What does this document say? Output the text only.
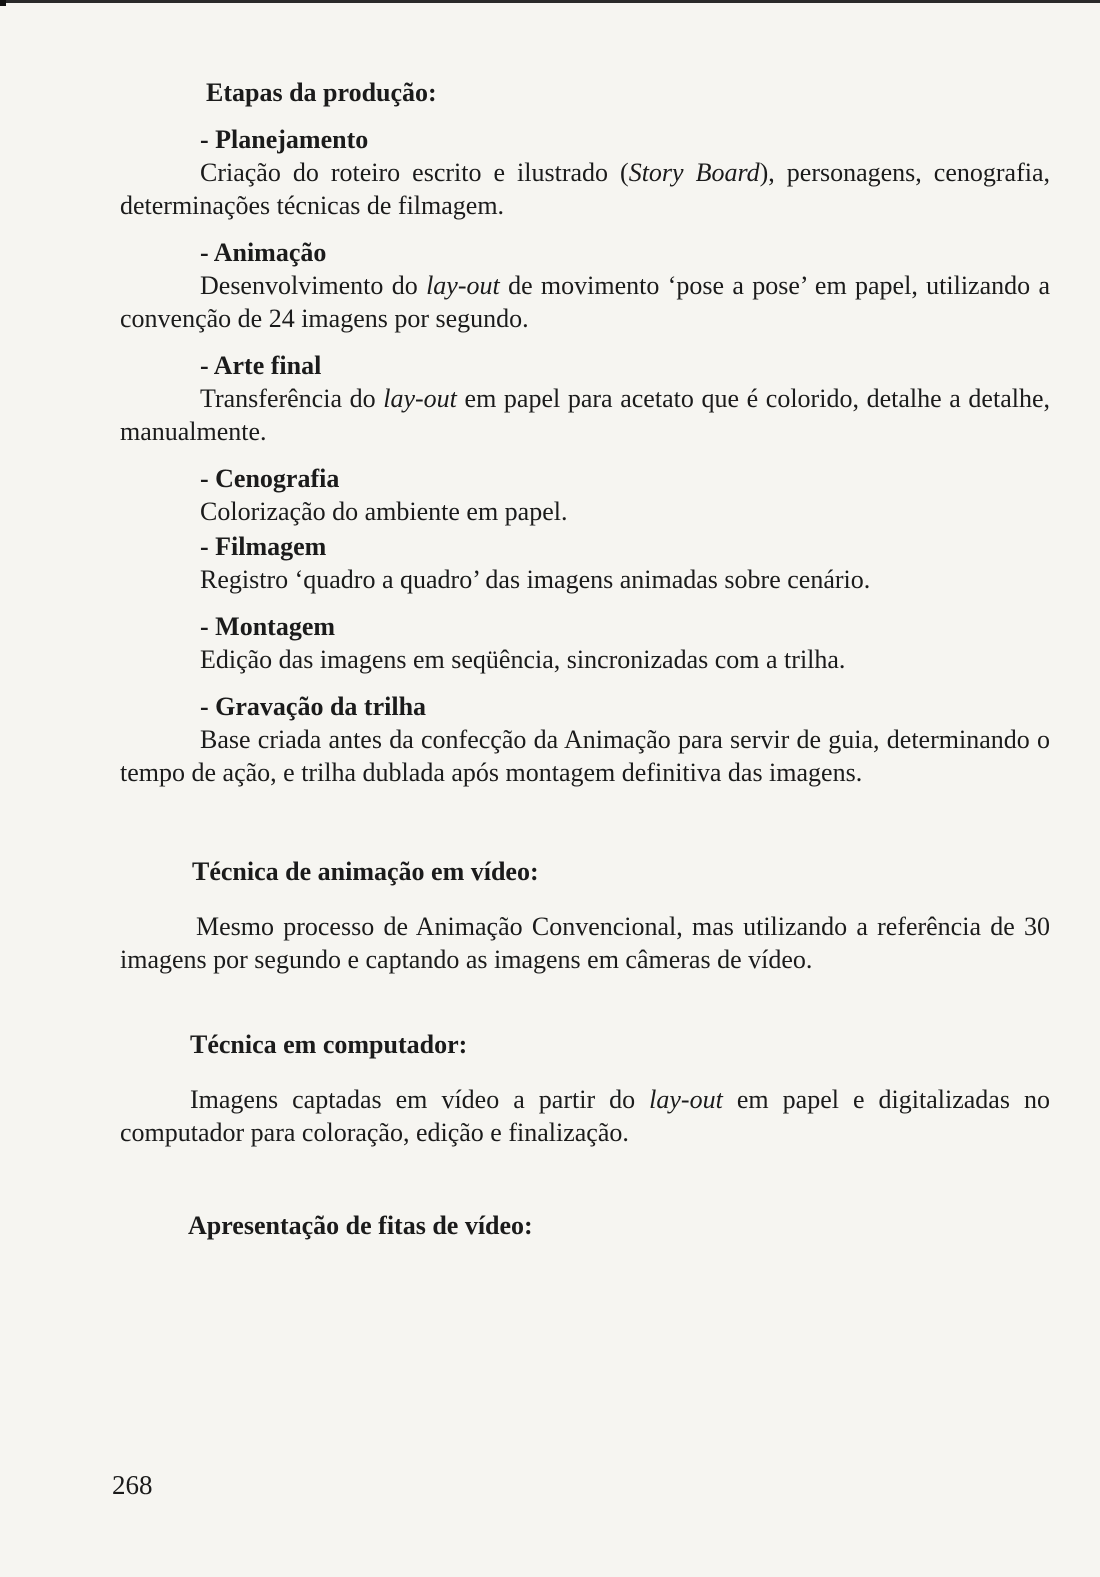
Etapas da produção:
- Planejamento

Criação do roteiro escrito e ilustrado (Story Board), personagens, cenografia, determinações técnicas de filmagem.

- Animação

Desenvolvimento do lay-out de movimento ‘pose a pose’ em papel, utilizando a convenção de 24 imagens por segundo.

- Arte final

Transferência do lay-out em papel para acetato que é colorido, detalhe a detalhe, manualmente.

- Cenografia

Colorização do ambiente em papel.

- Filmagem

Registro ‘quadro a quadro’ das imagens animadas sobre cenário.

- Montagem

Edição das imagens em seqüência, sincronizadas com a trilha.

- Gravação da trilha

Base criada antes da confecção da Animação para servir de guia, determinando o tempo de ação, e trilha dublada após montagem definitiva das imagens.

Técnica de animação em vídeo:

Mesmo processo de Animação Convencional, mas utilizando a referência de 30 imagens por segundo e captando as imagens em câmeras de vídeo.

Técnica em computador:

Imagens captadas em vídeo a partir do lay-out em papel e digitalizadas no computador para coloração, edição e finalização.

Apresentação de fitas de vídeo:
268
